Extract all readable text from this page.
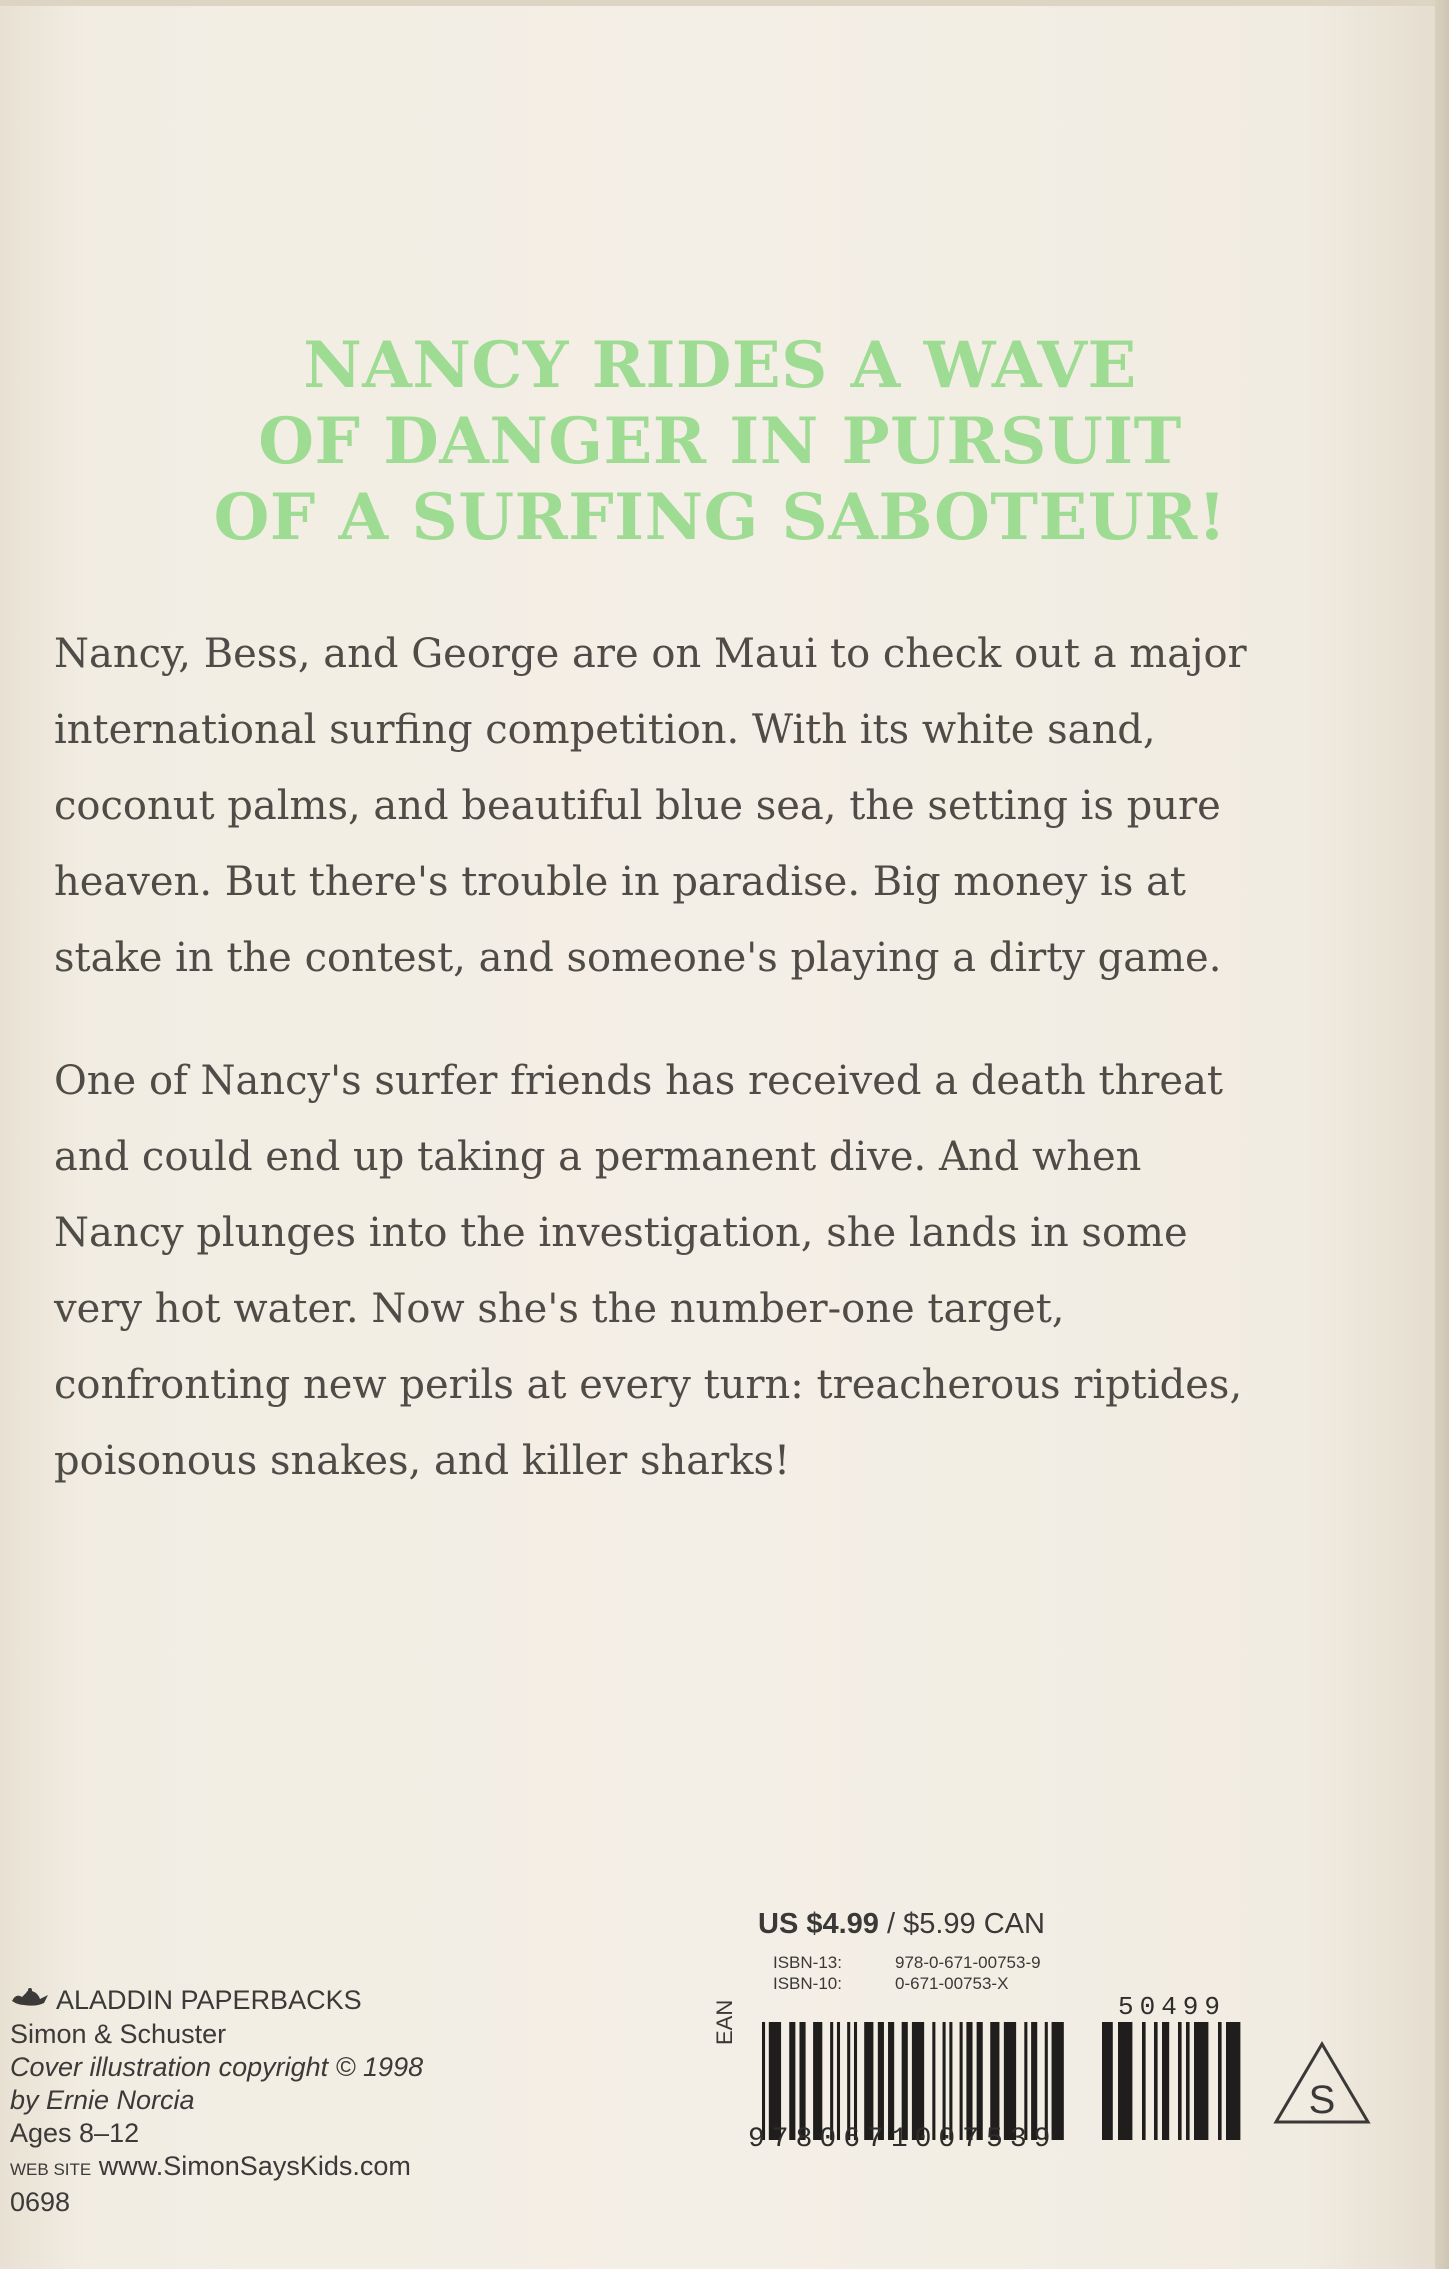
NANCY RIDES A WAVE
OF DANGER IN PURSUIT
OF A SURFING SABOTEUR!

Nancy, Bess, and George are on Maui to check out a major
international surfing competition. With its white sand,
coconut palms, and beautiful blue sea, the setting is pure
heaven. But there's trouble in paradise. Big money is at
stake in the contest, and someone's playing a dirty game.

One of Nancy's surfer friends has received a death threat
and could end up taking a permanent dive. And when
Nancy plunges into the investigation, she lands in some
very hot water. Now she's the number-one target,
confronting new perils at every turn: treacherous riptides,
poisonous snakes, and killer sharks!

ALADDIN PAPERBACKS
Simon & Schuster
Cover illustration copyright © 1998
by Ernie Norcia
Ages 8–12
WEB SITE www.SimonSaysKids.com
0698
US $4.99 / $5.99 CAN
ISBN-13:	978-0-671-00753-9
ISBN-10:	0-671-00753-X
EAN
9780671007539
50499
S
